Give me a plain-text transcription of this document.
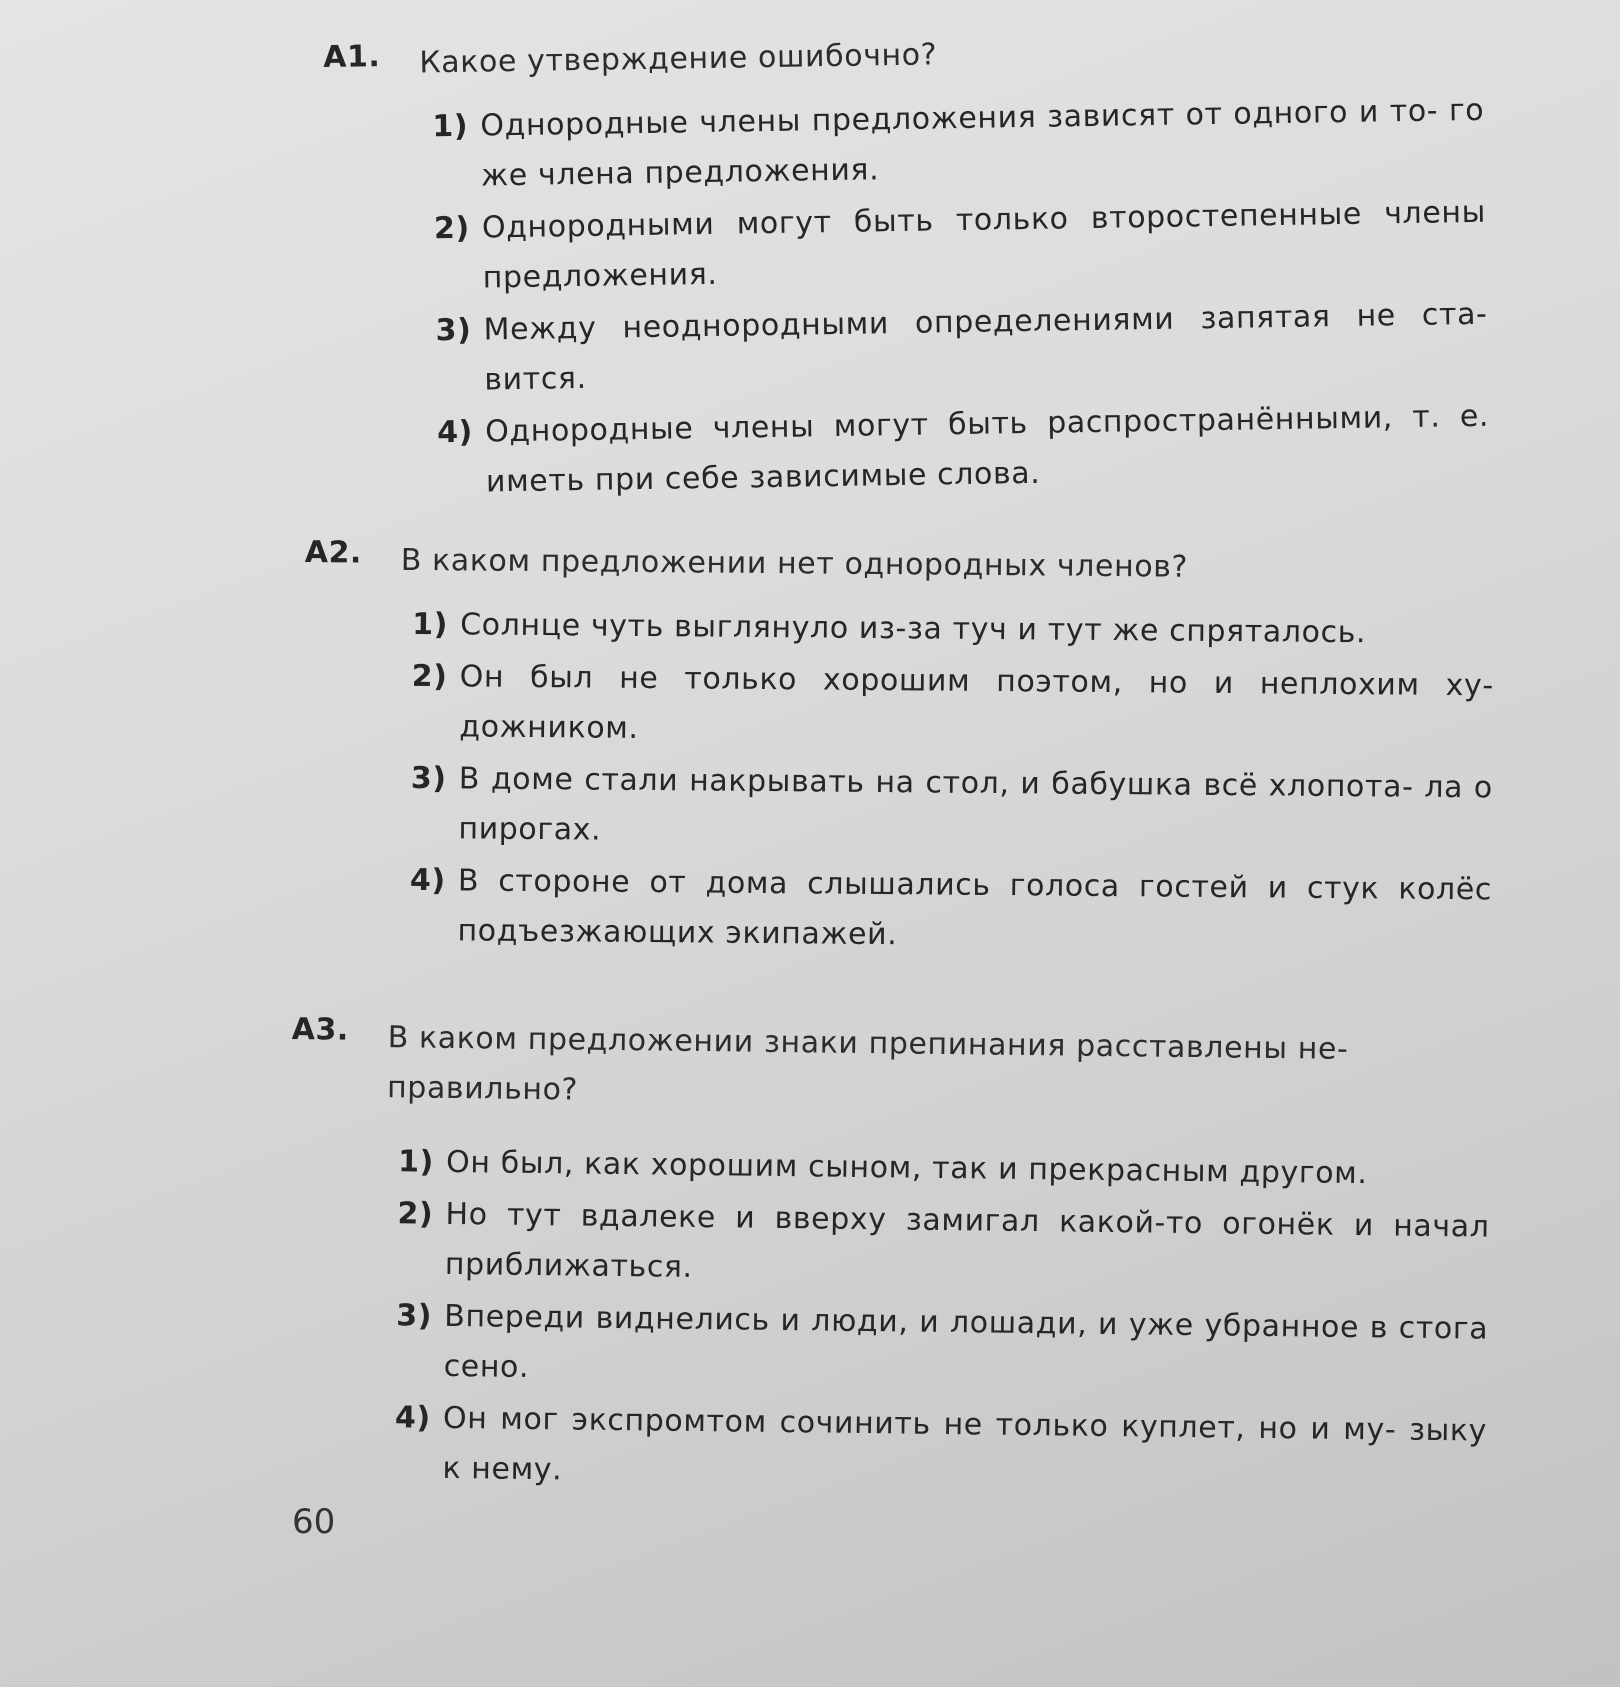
A1. Какое утверждение ошибочно?
1) Однородные члены предложения зависят от одного и то- го же члена предложения.
2) Однородными могут быть только второстепенные члены предложения.
3) Между неоднородными определениями запятая не ста- вится.
4) Однородные члены могут быть распространёнными, т. е. иметь при себе зависимые слова.
A2. В каком предложении нет однородных членов?
1) Солнце чуть выглянуло из-за туч и тут же спряталось.
2) Он был не только хорошим поэтом, но и неплохим ху- дожником.
3) В доме стали накрывать на стол, и бабушка всё хлопота- ла о пирогах.
4) В стороне от дома слышались голоса гостей и стук колёс подъезжающих экипажей.
A3. В каком предложении знаки препинания расставлены не- правильно?
1) Он был, как хорошим сыном, так и прекрасным другом.
2) Но тут вдалеке и вверху замигал какой-то огонёк и начал приближаться.
3) Впереди виднелись и люди, и лошади, и уже убранное в стога сено.
4) Он мог экспромтом сочинить не только куплет, но и му- зыку к нему.
60
